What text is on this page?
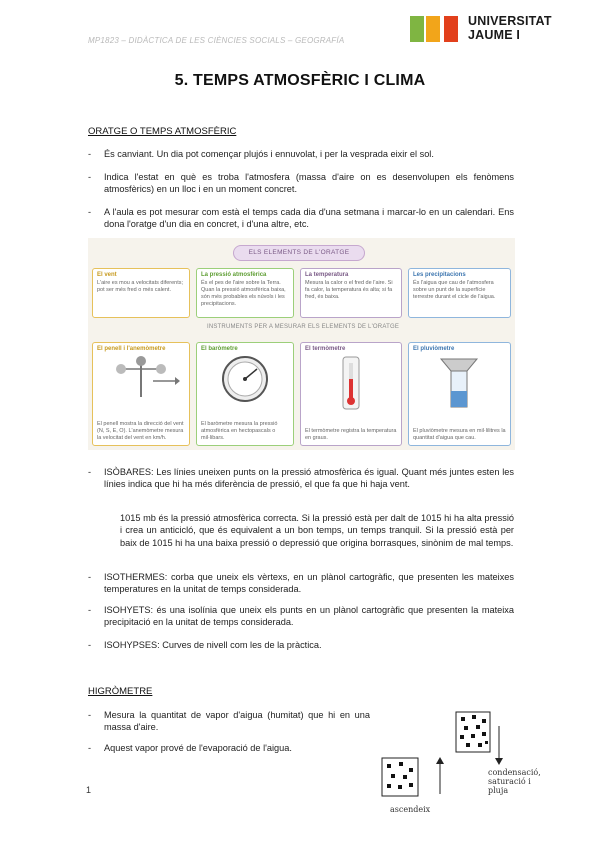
MP1823 – DIDÀCTICA DE LES CIÈNCIES SOCIALS – GEOGRAFÍA
UNIVERSITAT
JAUME I
5. TEMPS ATMOSFÈRIC I CLIMA
ORATGE O TEMPS ATMOSFÈRIC
- És canviant. Un dia pot començar plujós i ennuvolat, i per la vesprada eixir el sol.
- Indica l'estat en què es troba l'atmosfera (massa d'aire on es desenvolupen els fenòmens atmosfèrics) en un lloc i en un moment concret.
- A l'aula es pot mesurar com està el temps cada dia d'una setmana i marcar-lo en un calendari. Ens dona l'oratge d'un dia en concret, i d'una altre, etc.
ELS ELEMENTS DE L'ORATGE
El vent
L'aire es mou a velocitats diferents; pot ser més fred o més calent.
La pressió atmosfèrica
És el pes de l'aire sobre la Terra. Quan la pressió atmosfèrica baixa, són més probables els núvols i les precipitacions.
La temperatura
Mesura la calor o el fred de l'aire. Si fa calor, la temperatura és alta; si fa fred, és baixa.
Les precipitacions
És l'aigua que cau de l'atmosfera sobre un punt de la superfície terrestre durant el cicle de l'aigua.
INSTRUMENTS PER A MESURAR ELS ELEMENTS DE L'ORATGE
El penell i l'anemòmetre
El penell mostra la direcció del vent (N, S, E, O). L'anemòmetre mesura la velocitat del vent en km/h.
El baròmetre
El baròmetre mesura la pressió atmosfèrica en hectopascals o mil·libars.
El termòmetre
El termòmetre registra la temperatura en graus.
El pluviòmetre
El pluviòmetre mesura en mil·lilitres la quantitat d'aigua que cau.
- ISÒBARES: Les línies uneixen punts on la pressió atmosfèrica és igual. Quant més juntes esten les línies indica que hi ha més diferència de pressió, el que fa que hi haja vent.
1015 mb és la pressió atmosfèrica correcta. Si la pressió està per dalt de 1015 hi ha alta pressió i crea un anticicló, que és equivalent a un bon temps, un temps tranquil. Si la pressió està per baix de 1015 hi ha una baixa pressió o depressió que origina borrasques, sinònim de mal temps.
- ISOTHERMES: corba que uneix els vèrtexs, en un plànol cartogràfic, que presenten les mateixes temperatures en la unitat de temps considerada.
- ISOHYETS: és una isolínia que uneix els punts en un plànol cartogràfic que presenten la mateixa precipitació en la unitat de temps considerada.
- ISOHYPSES: Curves de nivell com les de la pràctica.
HIGRÒMETRE
- Mesura la quantitat de vapor d'aigua (humitat) que hi en una massa d'aire.
- Aquest vapor prové de l'evaporació de l'aigua.
condensació, saturació i pluja
ascendeix
1
